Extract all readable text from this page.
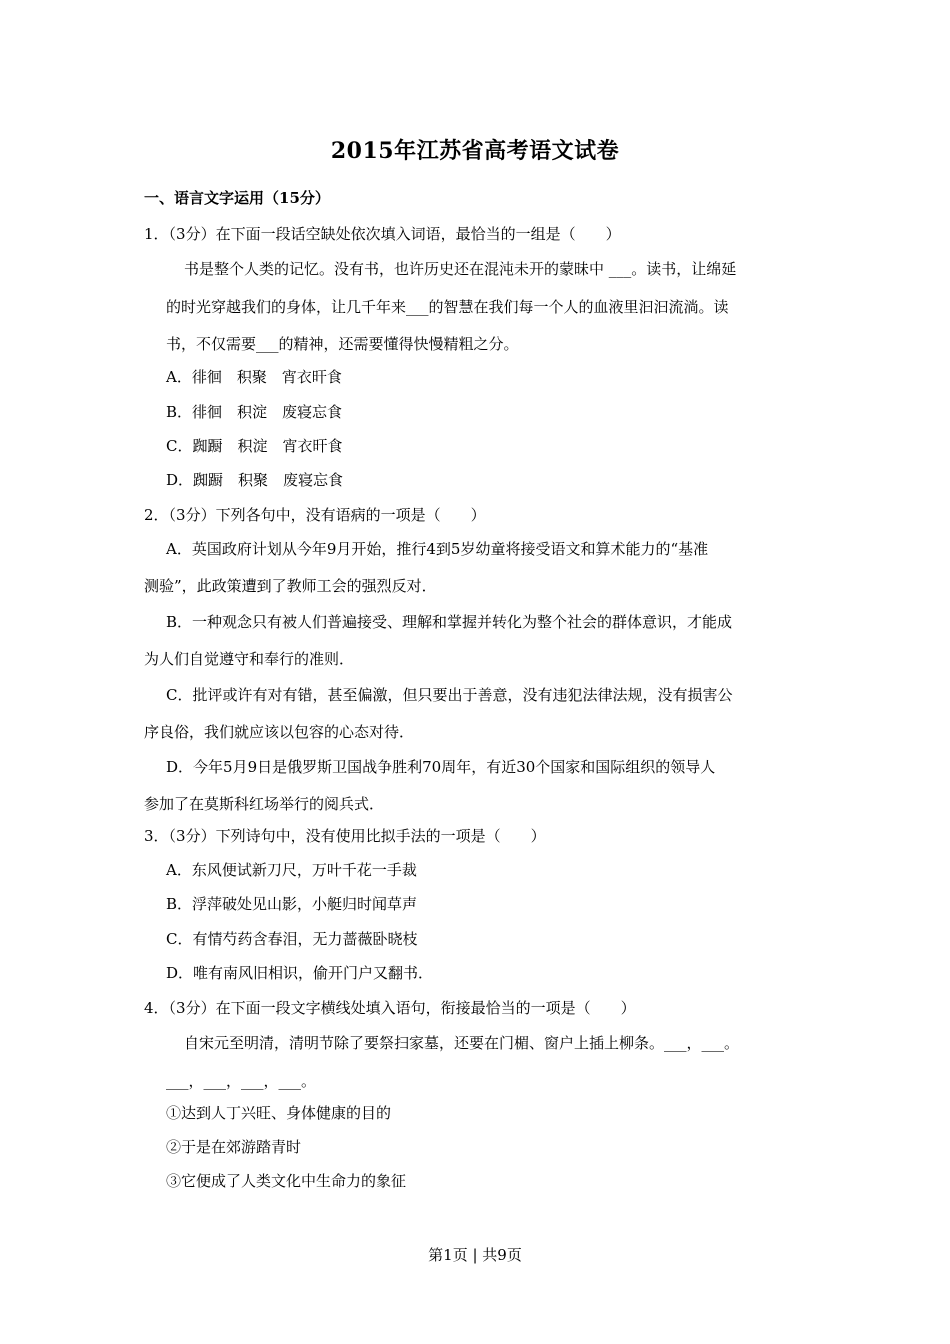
2015年江苏省高考语文试卷
一、语言文字运用（15分）
1．（3分）在下面一段话空缺处依次填入词语，最恰当的一组是（　　）
书是整个人类的记忆。没有书，也许历史还在混沌未开的蒙昧中 ___。读书，让绵延
的时光穿越我们的身体，让几千年来___的智慧在我们每一个人的血液里汩汩流淌。读
书，不仅需要___的精神，还需要懂得快慢精粗之分。
A．徘徊　积聚　宵衣旰食
B．徘徊　积淀　废寝忘食
C．踟蹰　积淀　宵衣旰食
D．踟蹰　积聚　废寝忘食
2．（3分）下列各句中，没有语病的一项是（　　）
A．英国政府计划从今年9月开始，推行4到5岁幼童将接受语文和算术能力的“基准
测验”，此政策遭到了教师工会的强烈反对．
B．一种观念只有被人们普遍接受、理解和掌握并转化为整个社会的群体意识，才能成
为人们自觉遵守和奉行的准则．
C．批评或许有对有错，甚至偏激，但只要出于善意，没有违犯法律法规，没有损害公
序良俗，我们就应该以包容的心态对待．
D．今年5月9日是俄罗斯卫国战争胜利70周年，有近30个国家和国际组织的领导人
参加了在莫斯科红场举行的阅兵式．
3．（3分）下列诗句中，没有使用比拟手法的一项是（　　）
A．东风便试新刀尺，万叶千花一手裁
B．浮萍破处见山影，小艇归时闻草声
C．有情芍药含春泪，无力蔷薇卧晓枝
D．唯有南风旧相识，偷开门户又翻书．
4．（3分）在下面一段文字横线处填入语句，衔接最恰当的一项是（　　）
自宋元至明清，清明节除了要祭扫家墓，还要在门楣、窗户上插上柳条。___，___。
___，___，___，___。
①达到人丁兴旺、身体健康的目的
②于是在郊游踏青时
③它便成了人类文化中生命力的象征
第1页 | 共9页
